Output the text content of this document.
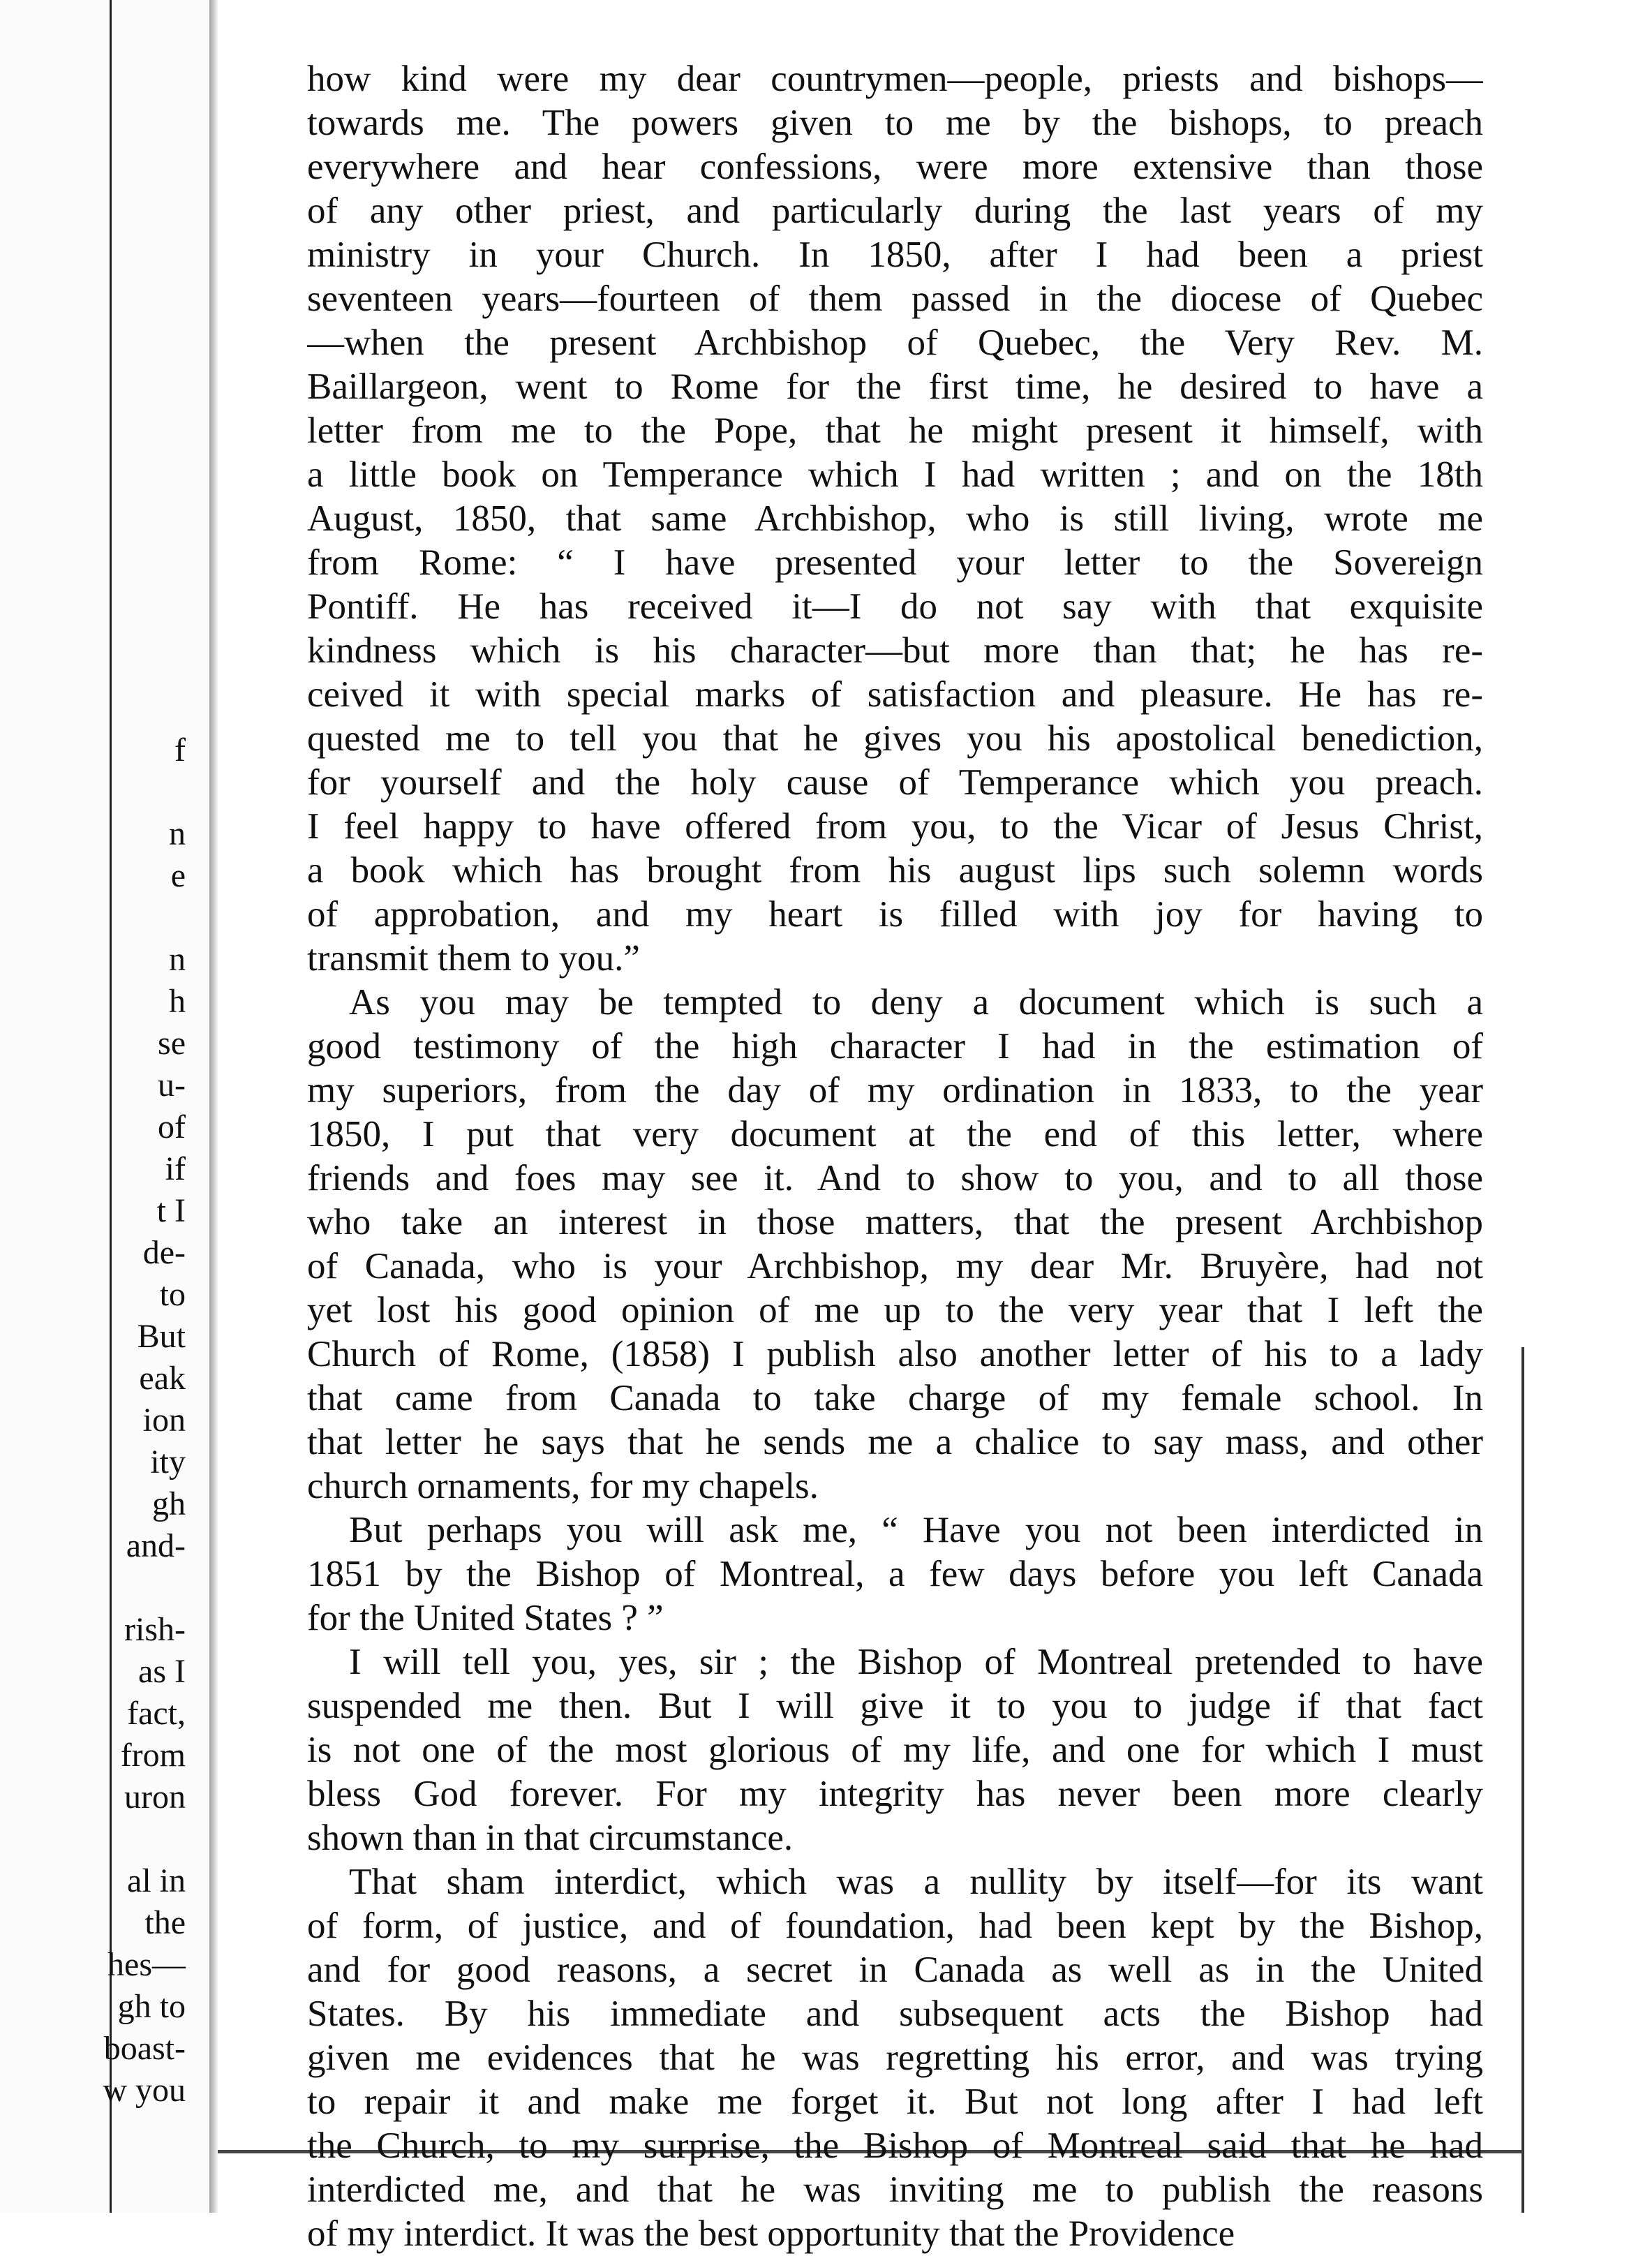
f
n
e
n
h
se
u-
of
if
t I
de-
to
But
eak
ion
ity
gh
and-
rish-
as I
fact,
from
uron
al in
the
hes—
gh to
boast-
w you
how kind were my dear countrymen—people, priests and bishops—
towards me. The powers given to me by the bishops, to preach
everywhere and hear confessions, were more extensive than those
of any other priest, and particularly during the last years of my
ministry in your Church. In 1850, after I had been a priest
seventeen years—fourteen of them passed in the diocese of Quebec
—when the present Archbishop of Quebec, the Very Rev. M.
Baillargeon, went to Rome for the first time, he desired to have a
letter from me to the Pope, that he might present it himself, with
a little book on Temperance which I had written ; and on the 18th
August, 1850, that same Archbishop, who is still living, wrote me
from Rome: “ I have presented your letter to the Sovereign
Pontiff. He has received it—I do not say with that exquisite
kindness which is his character—but more than that; he has re-
ceived it with special marks of satisfaction and pleasure. He has re-
quested me to tell you that he gives you his apostolical benediction,
for yourself and the holy cause of Temperance which you preach.
I feel happy to have offered from you, to the Vicar of Jesus Christ,
a book which has brought from his august lips such solemn words
of approbation, and my heart is filled with joy for having to
transmit them to you.”
As you may be tempted to deny a document which is such a
good testimony of the high character I had in the estimation of
my superiors, from the day of my ordination in 1833, to the year
1850, I put that very document at the end of this letter, where
friends and foes may see it. And to show to you, and to all those
who take an interest in those matters, that the present Archbishop
of Canada, who is your Archbishop, my dear Mr. Bruyère, had not
yet lost his good opinion of me up to the very year that I left the
Church of Rome, (1858) I publish also another letter of his to a lady
that came from Canada to take charge of my female school. In
that letter he says that he sends me a chalice to say mass, and other
church ornaments, for my chapels.
But perhaps you will ask me, “ Have you not been interdicted in
1851 by the Bishop of Montreal, a few days before you left Canada
for the United States ? ”
I will tell you, yes, sir ; the Bishop of Montreal pretended to have
suspended me then. But I will give it to you to judge if that fact
is not one of the most glorious of my life, and one for which I must
bless God forever. For my integrity has never been more clearly
shown than in that circumstance.
That sham interdict, which was a nullity by itself—for its want
of form, of justice, and of foundation, had been kept by the Bishop,
and for good reasons, a secret in Canada as well as in the United
States. By his immediate and subsequent acts the Bishop had
given me evidences that he was regretting his error, and was trying
to repair it and make me forget it. But not long after I had left
the Church, to my surprise, the Bishop of Montreal said that he had
interdicted me, and that he was inviting me to publish the reasons
of my interdict. It was the best opportunity that the Providence
